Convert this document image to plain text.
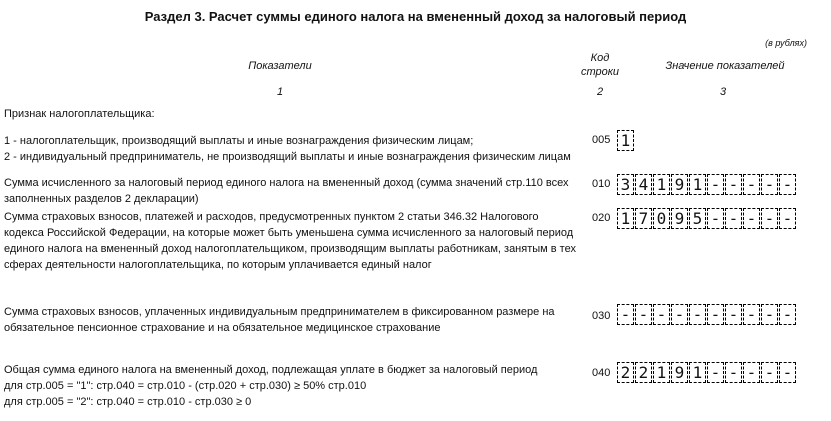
Раздел 3. Расчет суммы единого налога на вмененный доход за налоговый период
(в рублях)
Показатели
Код
строки	Значение показателей
1	2	3
Признак налогоплательщика:
1 - налогоплательщик, производящий выплаты и иные вознаграждения физическим лицам;
2 - индивидуальный предприниматель, не производящий выплаты и иные вознаграждения физическим лицам
005 1
Сумма исчисленного за налоговый период единого налога на вмененный доход (сумма значений стр.110 всех
заполненных разделов 2 декларации)
010 3 4 1 9 1 - - - - -
Сумма страховых взносов, платежей и расходов, предусмотренных пунктом 2 статьи 346.32 Налогового
кодекса Российской Федерации, на которые может быть уменьшена сумма исчисленного за налоговый период
единого налога на вмененный доход налогоплательщиком, производящим выплаты работникам, занятым в тех
сферах деятельности налогоплательщика, по которым уплачивается единый налог
020 1 7 0 9 5 - - - - -
Сумма страховых взносов, уплаченных индивидуальным предпринимателем в фиксированном размере на
обязательное пенсионное страхование и на обязательное медицинское страхование
030 - - - - - - - - - -
Общая сумма единого налога на вмененный доход, подлежащая уплате в бюджет за налоговый период
для стр.005 = "1": стр.040 = стр.010 - (стр.020 + стр.030) ≥ 50% стр.010
для стр.005 = "2": стр.040 = стр.010 - стр.030 ≥ 0
040 2 2 1 9 1 - - - - -
